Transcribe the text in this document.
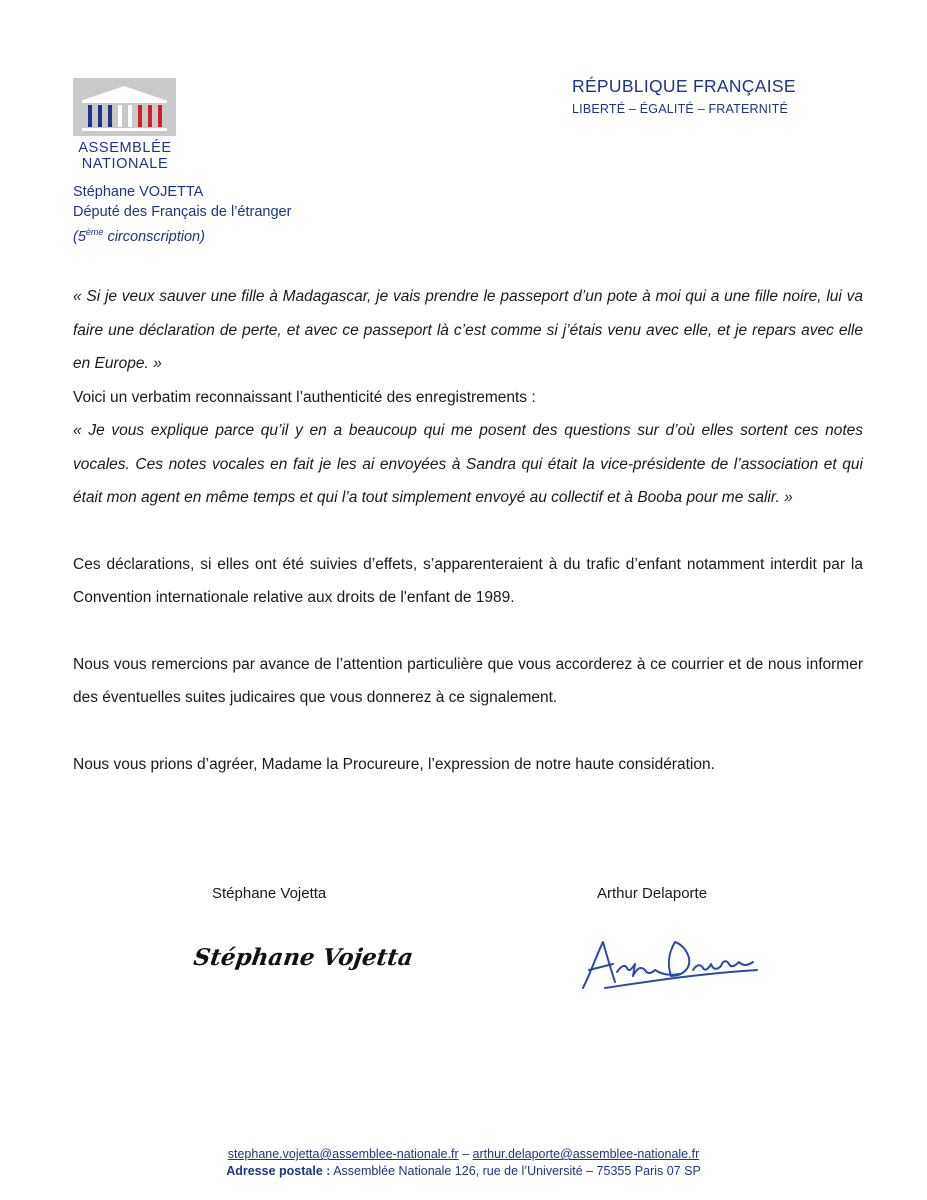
ASSEMBLÉE
NATIONALE
RÉPUBLIQUE FRANÇAISE
LIBERTÉ – ÉGALITÉ – FRATERNITÉ
Stéphane VOJETTA
Député des Français de l’étranger
(5ème circonscription)

« Si je veux sauver une fille à Madagascar, je vais prendre le passeport d’un pote à moi qui a une fille noire, lui va faire une déclaration de perte, et avec ce passeport là c’est comme si j’étais venu avec elle, et je repars avec elle en Europe. »

Voici un verbatim reconnaissant l’authenticité des enregistrements :

« Je vous explique parce qu’il y en a beaucoup qui me posent des questions sur d’où elles sortent ces notes vocales. Ces notes vocales en fait je les ai envoyées à Sandra qui était la vice-présidente de l’association et qui était mon agent en même temps et qui l’a tout simplement envoyé au collectif et à Booba pour me salir. »

Ces déclarations, si elles ont été suivies d’effets, s’apparenteraient à du trafic d’enfant notamment interdit par la Convention internationale relative aux droits de l'enfant de 1989.

Nous vous remercions par avance de l’attention particulière que vous accorderez à ce courrier et de nous informer des éventuelles suites judicaires que vous donnerez à ce signalement.

Nous vous prions d’agréer, Madame la Procureure, l’expression de notre haute considération.

Stéphane Vojetta	Arthur Delaporte
Stéphane Vojetta
Arthur Delaporte
stephane.vojetta@assemblee-nationale.fr – arthur.delaporte@assemblee-nationale.fr
Adresse postale : Assemblée Nationale 126, rue de l’Université – 75355 Paris 07 SP
